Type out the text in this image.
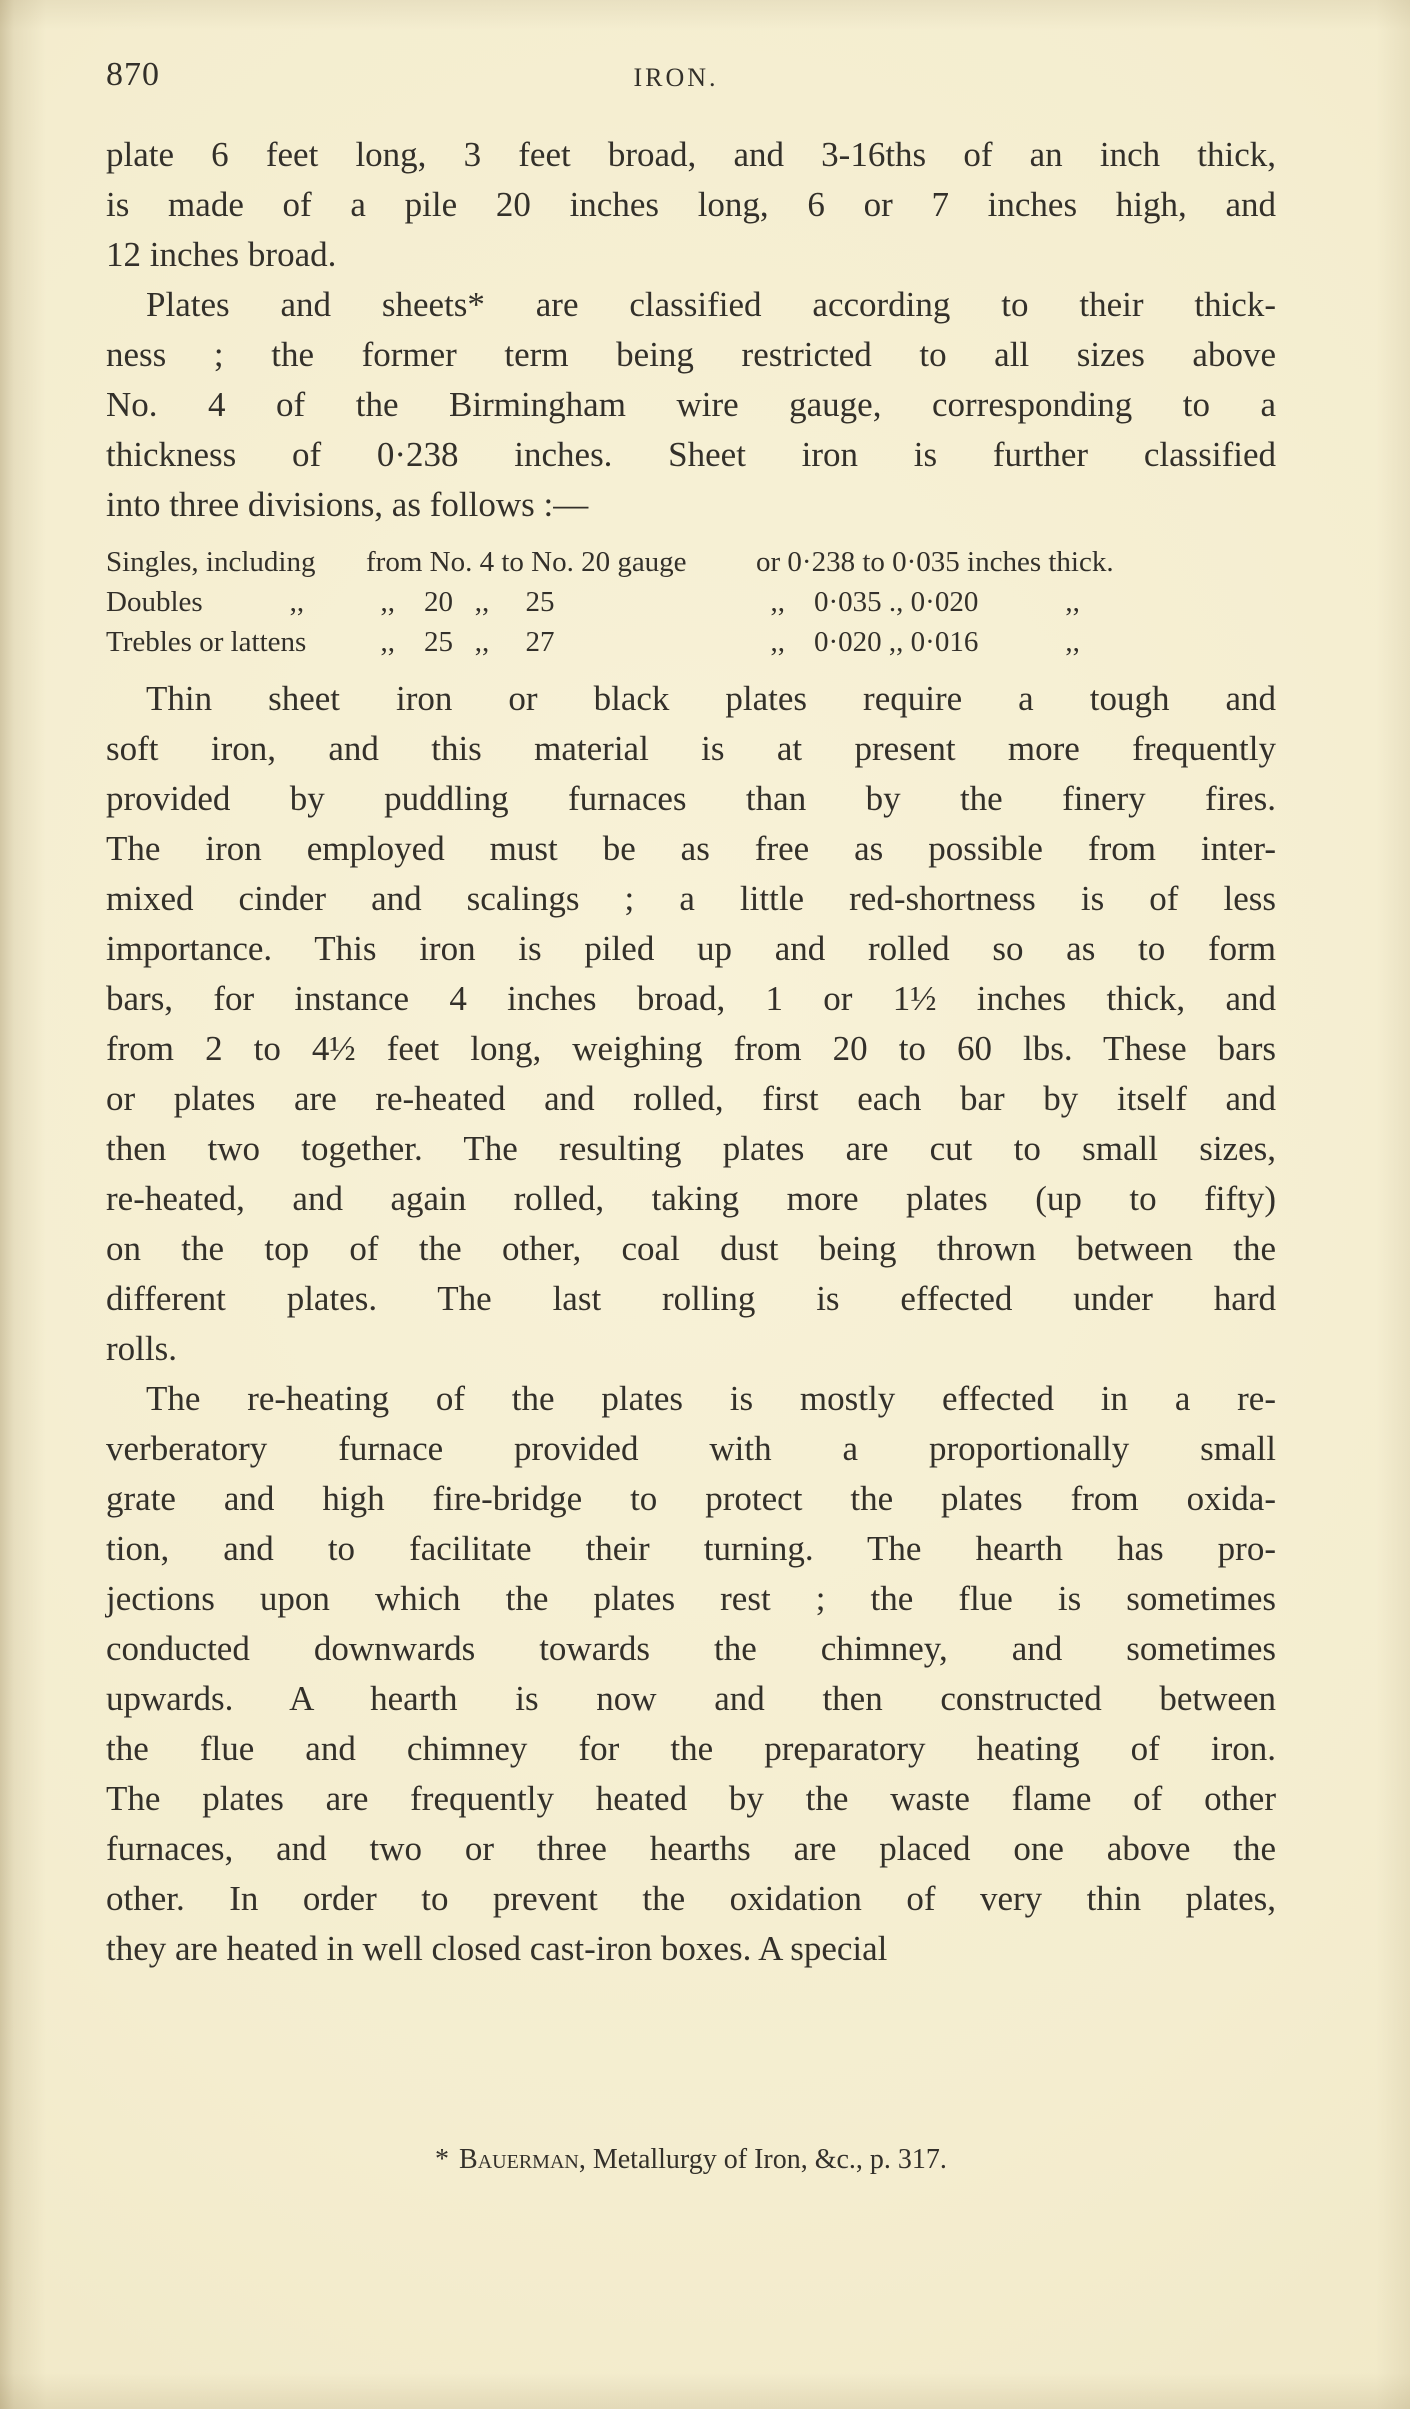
870	IRON.
plate 6 feet long, 3 feet broad, and 3-16ths of an inch thick,
is made of a pile 20 inches long, 6 or 7 inches high, and
12 inches broad.
Plates and sheets* are classified according to their thick-
ness ; the former term being restricted to all sizes above
No. 4 of the Birmingham wire gauge, corresponding to a
thickness of 0·238 inches. Sheet iron is further classified
into three divisions, as follows :—
Singles, including	from No. 4 to No. 20 gauge	or 0·238 to 0·035 inches thick.
Doubles            ,,	,,    20   ,,     25	,,    0·035 ., 0·020            ,,
Trebles or lattens	,,    25   ,,     27	,,    0·020 ,, 0·016            ,,
Thin sheet iron or black plates require a tough and
soft iron, and this material is at present more frequently
provided by puddling furnaces than by the finery fires.
The iron employed must be as free as possible from inter-
mixed cinder and scalings ; a little red-shortness is of less
importance. This iron is piled up and rolled so as to form
bars, for instance 4 inches broad, 1 or 1½ inches thick, and
from 2 to 4½ feet long, weighing from 20 to 60 lbs. These bars
or plates are re-heated and rolled, first each bar by itself and
then two together. The resulting plates are cut to small sizes,
re-heated, and again rolled, taking more plates (up to fifty)
on the top of the other, coal dust being thrown between the
different plates. The last rolling is effected under hard
rolls.
The re-heating of the plates is mostly effected in a re-
verberatory furnace provided with a proportionally small
grate and high fire-bridge to protect the plates from oxida-
tion, and to facilitate their turning. The hearth has pro-
jections upon which the plates rest ; the flue is sometimes
conducted downwards towards the chimney, and sometimes
upwards. A hearth is now and then constructed between
the flue and chimney for the preparatory heating of iron.
The plates are frequently heated by the waste flame of other
furnaces, and two or three hearths are placed one above the
other. In order to prevent the oxidation of very thin plates,
they are heated in well closed cast-iron boxes. A special
* Bauerman, Metallurgy of Iron, &c., p. 317.
